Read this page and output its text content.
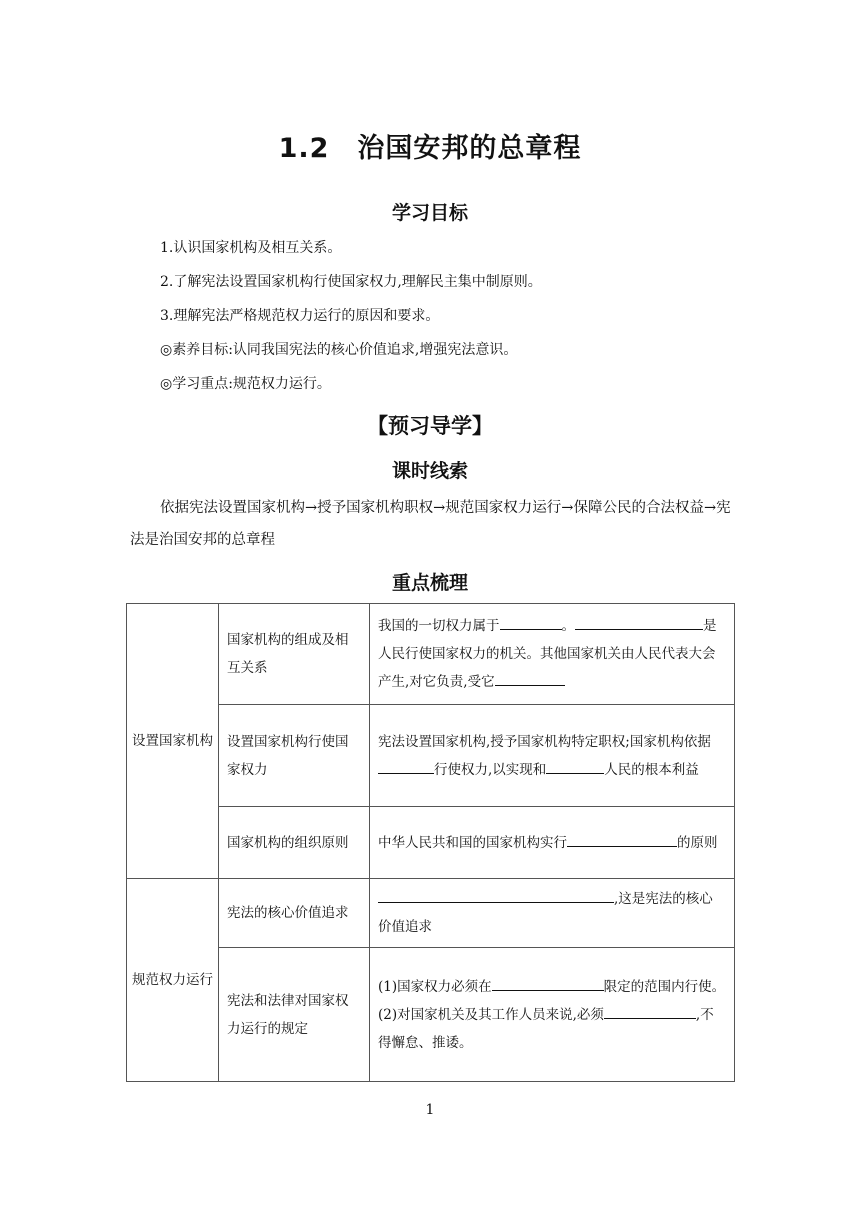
1.2　治国安邦的总章程
学习目标
1.认识国家机构及相互关系。
2.了解宪法设置国家机构行使国家权力,理解民主集中制原则。
3.理解宪法严格规范权力运行的原因和要求。
◎素养目标:认同我国宪法的核心价值追求,增强宪法意识。
◎学习重点:规范权力运行。
【预习导学】
课时线索
依据宪法设置国家机构→授予国家机构职权→规范国家权力运行→保障公民的合法权益→宪法是治国安邦的总章程
重点梳理
设置国家机构	国家机构的组成及相互关系	我国的一切权力属于 。 是人民行使国家权力的机关。其他国家机关由人民代表大会产生,对它负责,受它
	设置国家机构行使国家权力	宪法设置国家机构,授予国家机构特定职权;国家机构依据行使权力,以实现和 人民的根本利益
	国家机构的组织原则	中华人民共和国的国家机构实行 的原则
规范权力运行	宪法的核心价值追求	,这是宪法的核心价值追求
	宪法和法律对国家权力运行的规定	(1)国家权力必须在 限定的范围内行使。
(2)对国家机关及其工作人员来说,必须 ,不得懈怠、推诿。
1
